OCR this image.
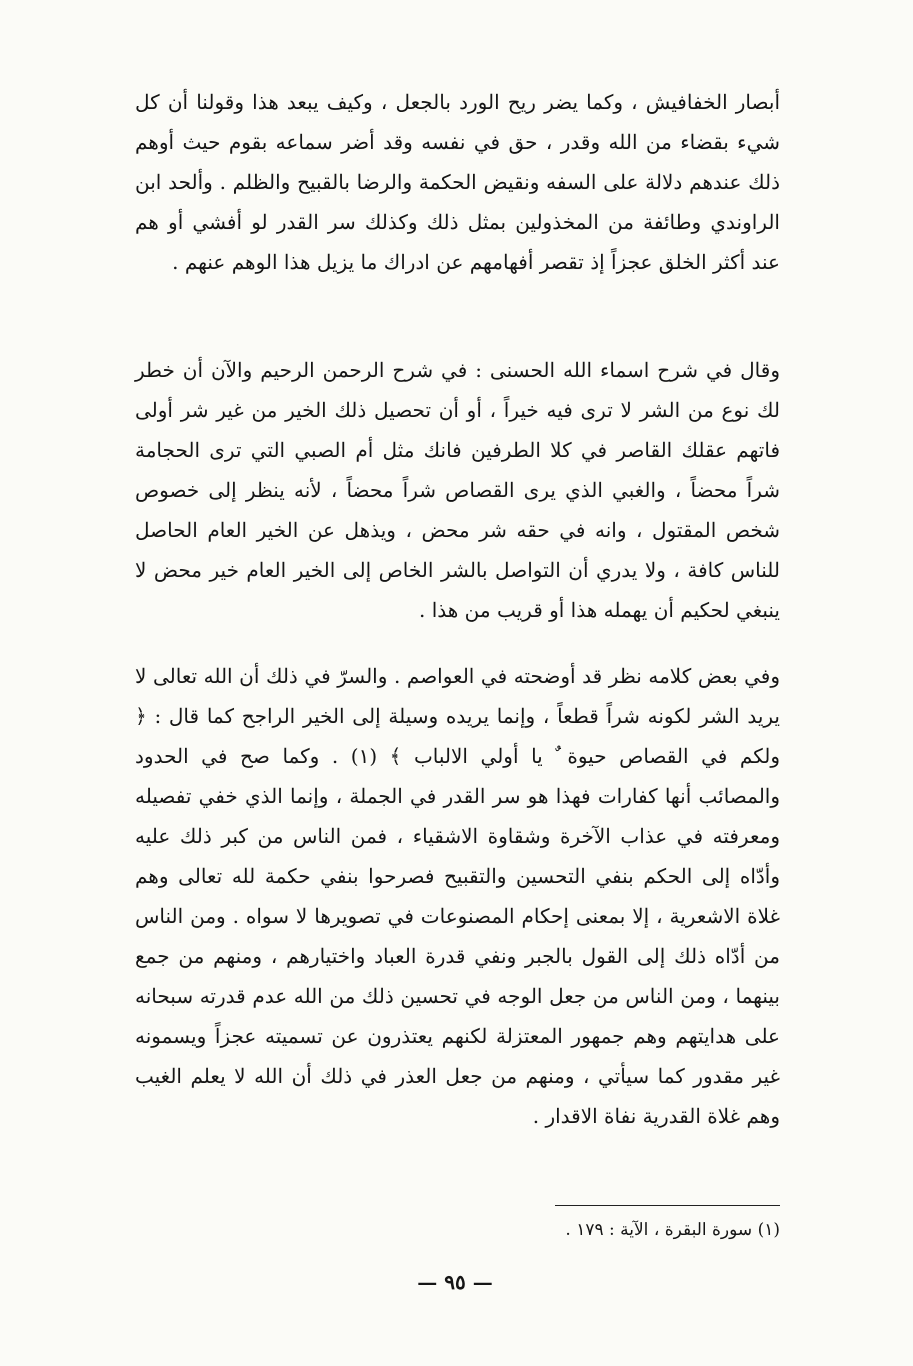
أبصار الخفافيش ، وكما يضر ريح الورد بالجعل ، وكيف يبعد هذا وقولنا أن كل شيء بقضاء من الله وقدر ، حق في نفسه وقد أضر سماعه بقوم حيث أوهم ذلك عندهم دلالة على السفه ونقيض الحكمة والرضا بالقبيح والظلم . وألحد ابن الراوندي وطائفة من المخذولين بمثل ذلك وكذلك سر القدر لو أفشي أو هم عند أكثر الخلق عجزاً إذ تقصر أفهامهم عن ادراك ما يزيل هذا الوهم عنهم .

وقال في شرح اسماء الله الحسنى : في شرح الرحمن الرحيم والآن أن خطر لك نوع من الشر لا ترى فيه خيراً ، أو أن تحصيل ذلك الخير من غير شر أولى فاتهم عقلك القاصر في كلا الطرفين فانك مثل أم الصبي التي ترى الحجامة شراً محضاً ، والغبي الذي يرى القصاص شراً محضاً ، لأنه ينظر إلى خصوص شخص المقتول ، وانه في حقه شر محض ، ويذهل عن الخير العام الحاصل للناس كافة ، ولا يدري أن التواصل بالشر الخاص إلى الخير العام خير محض لا ينبغي لحكيم أن يهمله هذا أو قريب من هذا .

وفي بعض كلامه نظر قد أوضحته في العواصم . والسرّ في ذلك أن الله تعالى لا يريد الشر لكونه شراً قطعاً ، وإنما يريده وسيلة إلى الخير الراجح كما قال : ﴿ ولكم في القصاص حيوة ٌ يا أولي الالباب ﴾ (١) . وكما صح في الحدود والمصائب أنها كفارات فهذا هو سر القدر في الجملة ، وإنما الذي خفي تفصيله ومعرفته في عذاب الآخرة وشقاوة الاشقياء ، فمن الناس من كبر ذلك عليه وأدّاه إلى الحكم بنفي التحسين والتقبيح فصرحوا بنفي حكمة لله تعالى وهم غلاة الاشعرية ، إلا بمعنى إحكام المصنوعات في تصويرها لا سواه . ومن الناس من أدّاه ذلك إلى القول بالجبر ونفي قدرة العباد واختيارهم ، ومنهم من جمع بينهما ، ومن الناس من جعل الوجه في تحسين ذلك من الله عدم قدرته سبحانه على هدايتهم وهم جمهور المعتزلة لكنهم يعتذرون عن تسميته عجزاً ويسمونه غير مقدور كما سيأتي ، ومنهم من جعل العذر في ذلك أن الله لا يعلم الغيب وهم غلاة القدرية نفاة الاقدار .

(١) سورة البقرة ، الآية : ١٧٩ .

— ٩٥ —
